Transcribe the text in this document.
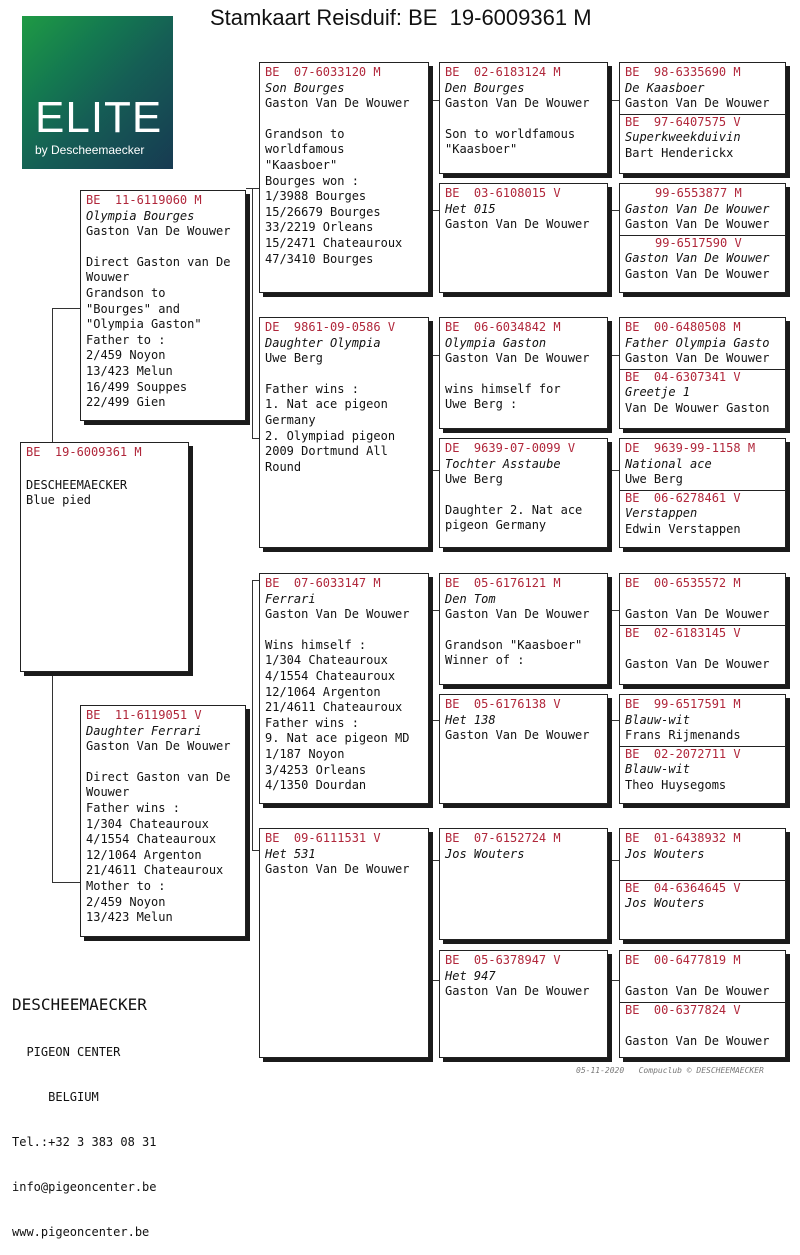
Stamkaart Reisduif: BE  19-6009361 M
ELITE
by Descheemaecker
BE  19-6009361 M
DESCHEEMAECKER
Blue pied
BE  11-6119060 M
Olympia Bourges
Gaston Van De Wouwer
Direct Gaston van De
Wouwer
Grandson to
"Bourges" and
"Olympia Gaston"
Father to :
2/459 Noyon
13/423 Melun
16/499 Souppes
22/499 Gien
BE  11-6119051 V
Daughter Ferrari
Gaston Van De Wouwer
Direct Gaston van De
Wouwer
Father wins :
1/304 Chateauroux
4/1554 Chateauroux
12/1064 Argenton
21/4611 Chateauroux
Mother to :
2/459 Noyon
13/423 Melun
BE  07-6033120 M
Son Bourges
Gaston Van De Wouwer
Grandson to
worldfamous
"Kaasboer"
Bourges won :
1/3988 Bourges
15/26679 Bourges
33/2219 Orleans
15/2471 Chateauroux
47/3410 Bourges
DE  9861-09-0586 V
Daughter Olympia
Uwe Berg
Father wins :
1. Nat ace pigeon
Germany
2. Olympiad pigeon
2009 Dortmund All
Round
BE  07-6033147 M
Ferrari
Gaston Van De Wouwer
Wins himself :
1/304 Chateauroux
4/1554 Chateauroux
12/1064 Argenton
21/4611 Chateauroux
Father wins :
9. Nat ace pigeon MD
1/187 Noyon
3/4253 Orleans
4/1350 Dourdan
BE  09-6111531 V
Het 531
Gaston Van De Wouwer
BE  02-6183124 M
Den Bourges
Gaston Van De Wouwer
Son to worldfamous
"Kaasboer"
BE  03-6108015 V
Het 015
Gaston Van De Wouwer
BE  06-6034842 M
Olympia Gaston
Gaston Van De Wouwer
wins himself for
Uwe Berg :
DE  9639-07-0099 V
Tochter Asstaube
Uwe Berg
Daughter 2. Nat ace
pigeon Germany
BE  05-6176121 M
Den Tom
Gaston Van De Wouwer
Grandson "Kaasboer"
Winner of :
BE  05-6176138 V
Het 138
Gaston Van De Wouwer
BE  07-6152724 M
Jos Wouters
BE  05-6378947 V
Het 947
Gaston Van De Wouwer
BE  98-6335690 M
De Kaasboer
Gaston Van De Wouwer
BE  97-6407575 V
Superkweekduivin
Bart Henderickx
99-6553877 M
Gaston Van De Wouwer
Gaston Van De Wouwer
99-6517590 V
Gaston Van De Wouwer
Gaston Van De Wouwer
BE  00-6480508 M
Father Olympia Gasto
Gaston Van De Wouwer
BE  04-6307341 V
Greetje 1
Van De Wouwer Gaston
DE  9639-99-1158 M
National ace
Uwe Berg
BE  06-6278461 V
Verstappen
Edwin Verstappen
BE  00-6535572 M
Gaston Van De Wouwer
BE  02-6183145 V
Gaston Van De Wouwer
BE  99-6517591 M
Blauw-wit
Frans Rijmenands
BE  02-2072711 V
Blauw-wit
Theo Huysegoms
BE  01-6438932 M
Jos Wouters
BE  04-6364645 V
Jos Wouters
BE  00-6477819 M
Gaston Van De Wouwer
BE  00-6377824 V
Gaston Van De Wouwer

DESCHEEMAECKER

PIGEON CENTER

BELGIUM

Tel.:+32 3 383 08 31

info@pigeoncenter.be

www.pigeoncenter.be

05-11-2020   Compuclub © DESCHEEMAECKER
